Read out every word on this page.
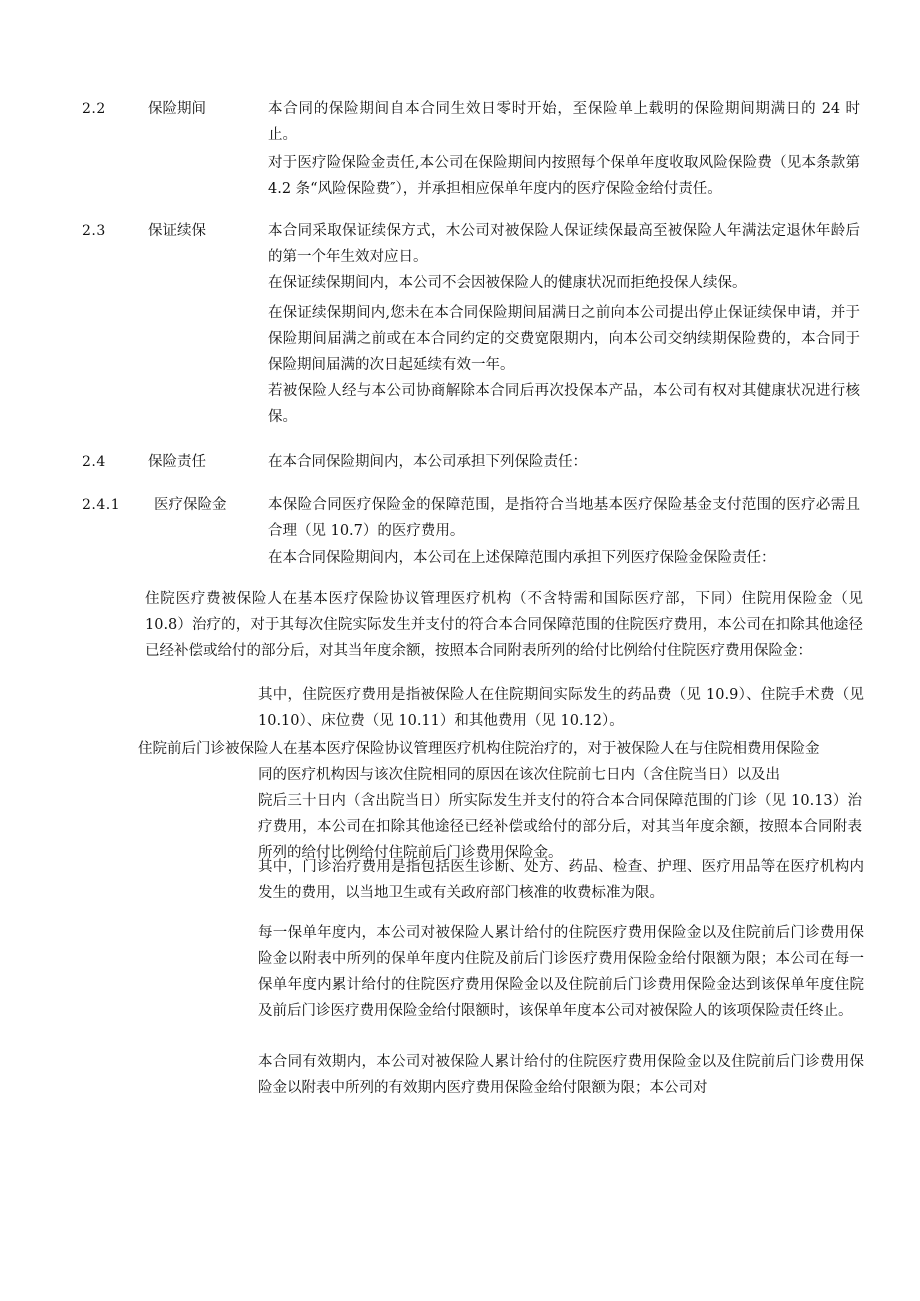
2.2	保险期间	本合同的保险期间自本合同生效日零时开始，至保险单上载明的保险期间期满日的 24 时止。
对于医疗险保险金责任,本公司在保险期间内按照每个保单年度收取风险保险费（见本条款第 4.2 条“风险保险费″），并承担相应保单年度内的医疗保险金给付责任。
2.3	保证续保	本合同采取保证续保方式，木公司对被保险人保证续保最高至被保险人年满法定退休年龄后的第一个年生效对应日。
在保证续保期间内，本公司不会因被保险人的健康状况而拒绝投保人续保。
在保证续保期间内,您未在本合同保险期间届满日之前向本公司提出停止保证续保申请，并于保险期间届满之前或在本合同约定的交费宽限期内，向本公司交纳续期保险费的，本合同于保险期间届满的次日起延续有效一年。
若被保险人经与本公司协商解除本合同后再次投保本产品，本公司有权对其健康状况进行核保。
2.4	保险责任	在本合同保险期间内，本公司承担下列保险责任：
2.4.1 医疗保险金	本保险合同医疗保险金的保障范围，是指符合当地基本医疗保险基金支付范围的医疗必需且合理（见 10.7）的医疗费用。
在本合同保险期间内，本公司在上述保障范围内承担下列医疗保险金保险责任：
住院医疗费被保险人在基本医疗保险协议管理医疗机构（不含特需和国际医疗部，下同）住院用保险金（见 10.8）治疗的，对于其每次住院实际发生并支付的符合本合同保障范围的住院医疗费用，本公司在扣除其他途径已经补偿或给付的部分后，对其当年度余额，按照本合同附表所列的给付比例给付住院医疗费用保险金：
其中，住院医疗费用是指被保险人在住院期间实际发生的药品费（见 10.9）、住院手术费（见 10.10）、床位费（见 10.11）和其他费用（见 10.12）。
住院前后门诊被保险人在基本医疗保险协议管理医疗机构住院治疗的，对于被保险人在与住院相费用保险金
同的医疗机构因与该次住院相同的原因在该次住院前七日内（含住院当日）以及出
院后三十日内（含出院当日）所实际发生并支付的符合本合同保障范围的门诊（见 10.13）治疗费用，本公司在扣除其他途径已经补偿或给付的部分后，对其当年度余额，按照本合同附表所列的给付比例给付住院前后门诊费用保险金。
其中，门诊治疗费用是指包括医生诊断、处方、药品、检查、护理、医疗用品等在医疗机构内发生的费用，以当地卫生或有关政府部门核准的收费标准为限。
每一保单年度内，本公司对被保险人累计给付的住院医疗费用保险金以及住院前后门诊费用保险金以附表中所列的保单年度内住院及前后门诊医疗费用保险金给付限额为限；本公司在每一保单年度内累计给付的住院医疗费用保险金以及住院前后门诊费用保险金达到该保单年度住院及前后门诊医疗费用保险金给付限额时，该保单年度本公司对被保险人的该项保险责任终止。
本合同有效期内，本公司对被保险人累计给付的住院医疗费用保险金以及住院前后门诊费用保险金以附表中所列的有效期内医疗费用保险金给付限额为限；本公司对
